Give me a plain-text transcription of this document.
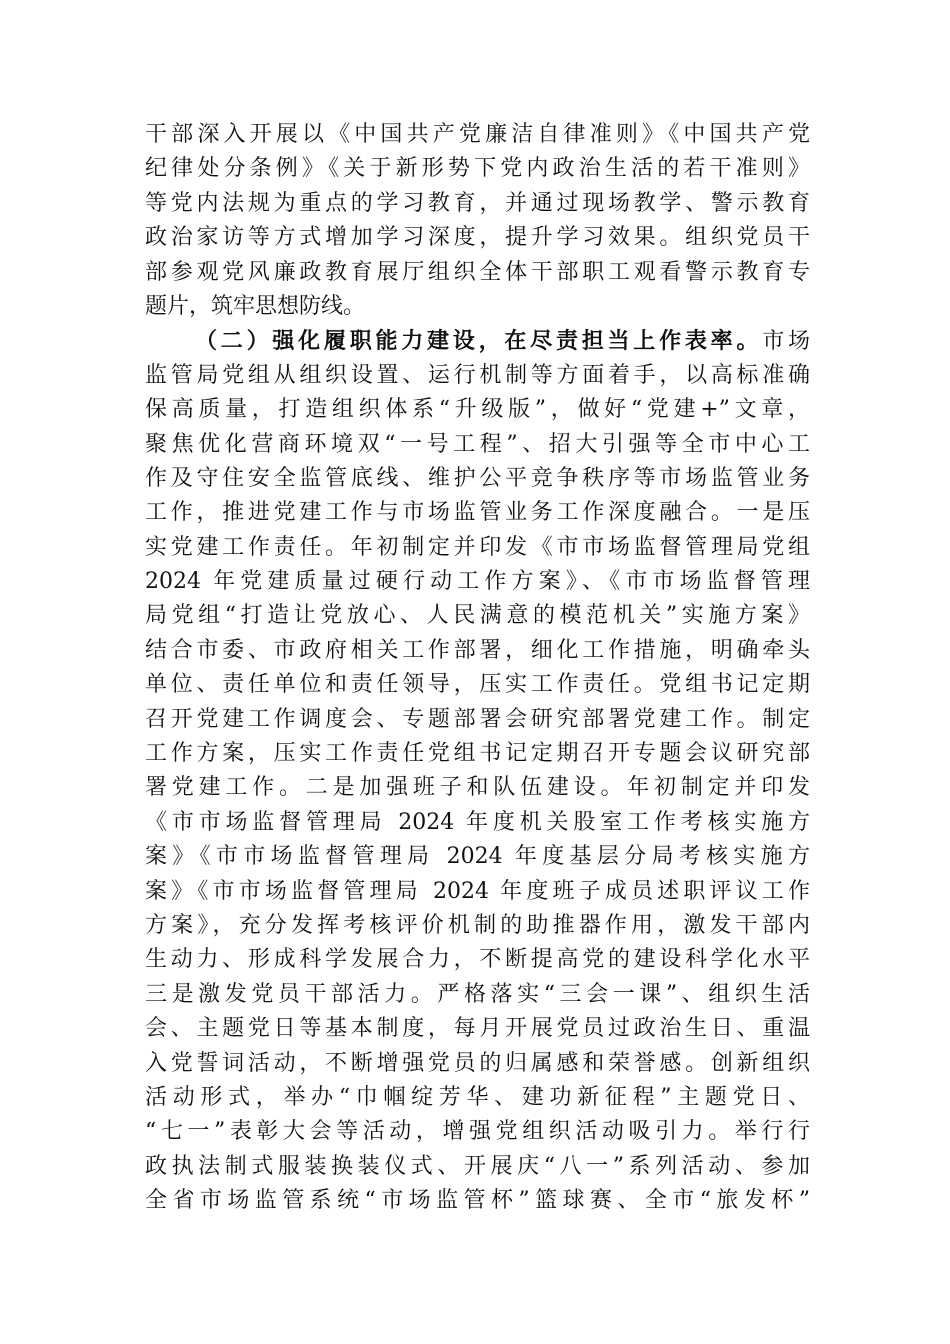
干部深入开展以《中国共产党廉洁自律准则》《中国共产党
纪律处分条例》《关于新形势下党内政治生活的若干准则》
等党内法规为重点的学习教育，并通过现场教学、警示教育
政治家访等方式增加学习深度，提升学习效果。组织党员干
部参观党风廉政教育展厅组织全体干部职工观看警示教育专
题片，筑牢思想防线。
（二）强化履职能力建设，在尽责担当上作表率。市场
监管局党组从组织设置、运行机制等方面着手，以高标准确
保高质量，打造组织体系“升级版”，做好“党建+”文章，
聚焦优化营商环境双“一号工程”、招大引强等全市中心工
作及守住安全监管底线、维护公平竞争秩序等市场监管业务
工作，推进党建工作与市场监管业务工作深度融合。一是压
实党建工作责任。年初制定并印发《市市场监督管理局党组
2024 年党建质量过硬行动工作方案》、《市市场监督管理
局党组“打造让党放心、人民满意的模范机关”实施方案》
结合市委、市政府相关工作部署，细化工作措施，明确牵头
单位、责任单位和责任领导，压实工作责任。党组书记定期
召开党建工作调度会、专题部署会研究部署党建工作。制定
工作方案，压实工作责任党组书记定期召开专题会议研究部
署党建工作。二是加强班子和队伍建设。年初制定并印发
《市市场监督管理局 2024 年度机关股室工作考核实施方
案》《市市场监督管理局 2024 年度基层分局考核实施方
案》《市市场监督管理局 2024 年度班子成员述职评议工作
方案》，充分发挥考核评价机制的助推器作用，激发干部内
生动力、形成科学发展合力，不断提高党的建设科学化水平
三是激发党员干部活力。严格落实“三会一课”、组织生活
会、主题党日等基本制度，每月开展党员过政治生日、重温
入党誓词活动，不断增强党员的归属感和荣誉感。创新组织
活动形式，举办“巾帼绽芳华、建功新征程”主题党日、
“七一”表彰大会等活动，增强党组织活动吸引力。举行行
政执法制式服装换装仪式、开展庆“八一”系列活动、参加
全省市场监管系统“市场监管杯”篮球赛、全市“旅发杯”
